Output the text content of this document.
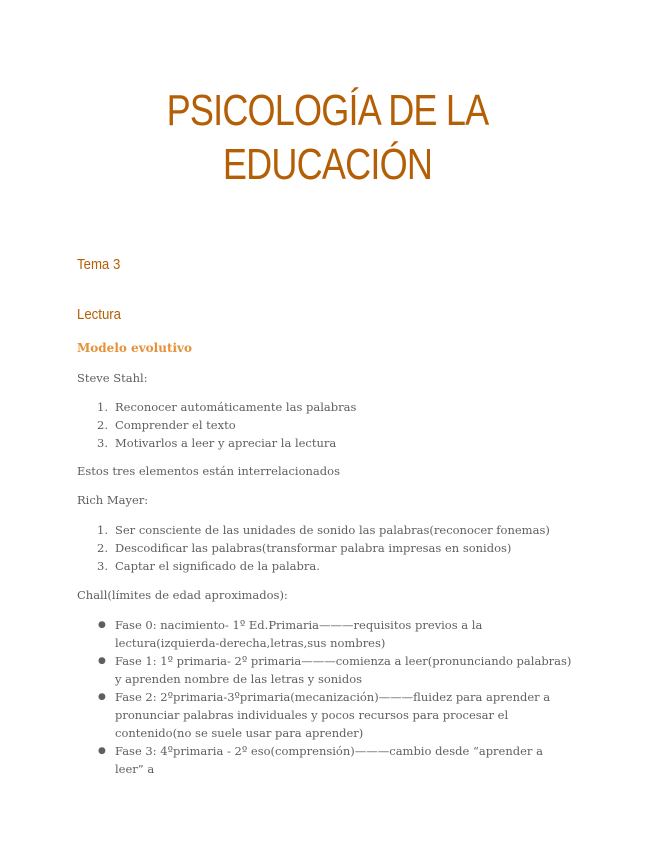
PSICOLOGÍA DE LA
EDUCACIÓN
Tema 3
Lectura
Modelo evolutivo
Steve Stahl:
1. Reconocer automáticamente las palabras
2. Comprender el texto
3. Motivarlos a leer y apreciar la lectura
Estos tres elementos están interrelacionados
Rich Mayer:
1. Ser consciente de las unidades de sonido las palabras(reconocer fonemas)
2. Descodificar las palabras(transformar palabra impresas en sonidos)
3. Captar el significado de la palabra.
Chall(límites de edad aproximados):
● Fase 0: nacimiento- 1º Ed.Primaria———requisitos previos a la lectura(izquierda-derecha,letras,sus nombres)
● Fase 1: 1º primaria- 2º primaria———comienza a leer(pronunciando palabras) y aprenden nombre de las letras y sonidos
● Fase 2: 2ºprimaria-3ºprimaria(mecanización)———fluidez para aprender a pronunciar palabras individuales y pocos recursos para procesar el contenido(no se suele usar para aprender)
● Fase 3: 4ºprimaria - 2º eso(comprensión)———cambio desde “aprender a leer” a
